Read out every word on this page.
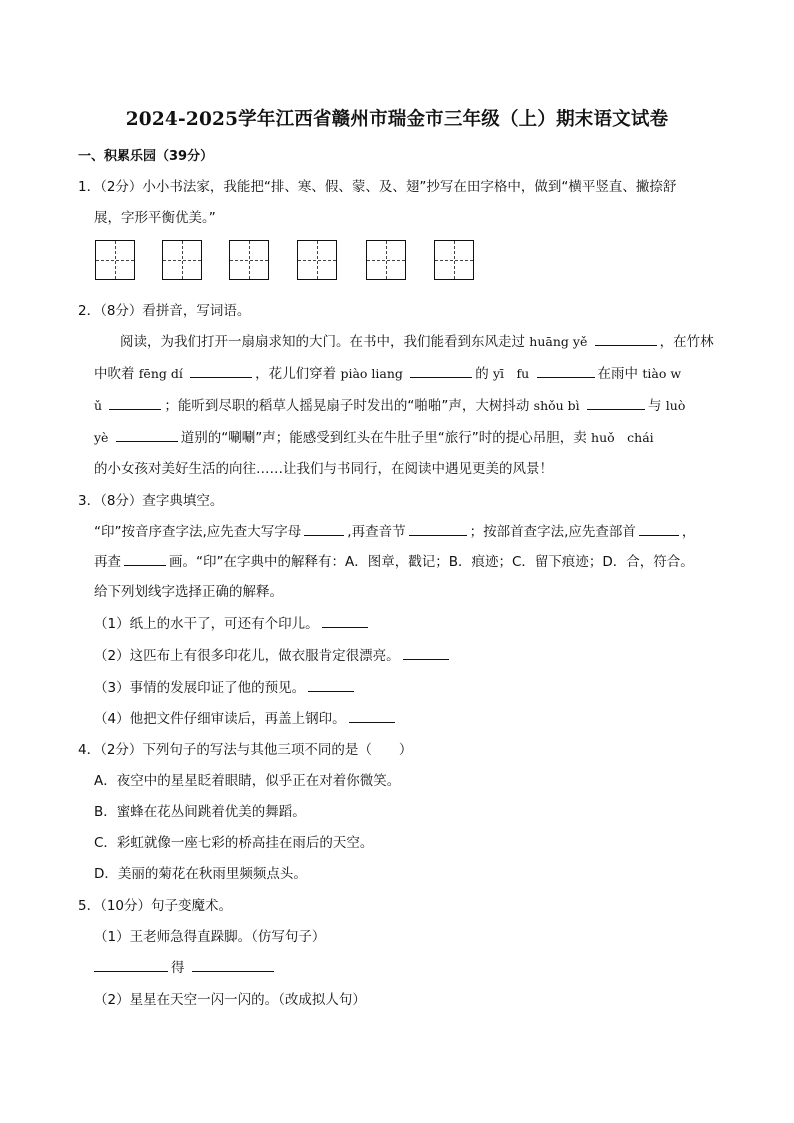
2024-2025学年江西省赣州市瑞金市三年级（上）期末语文试卷
一、积累乐园（39分）
1．（2分）小小书法家，我能把“排、寒、假、蒙、及、翅”抄写在田字格中，做到“横平竖直、撇捺舒
展，字形平衡优美。”
2．（8分）看拼音，写词语。
阅读，为我们打开一扇扇求知的大门。在书中，我们能看到东风走过 huāng yě	，在竹林
中吹着 fēng dí	，花儿们穿着 piào liang	的 yī　fu	在雨中 tiào w
ǔ	；能听到尽职的稻草人摇晃扇子时发出的“啪啪”声，大树抖动 shǒu bì	与 luò
yè	道别的“唰唰”声；能感受到红头在牛肚子里“旅行”时的提心吊胆，卖 huǒ　chái
的小女孩对美好生活的向往……让我们与书同行，在阅读中遇见更美的风景！
3．（8分）查字典填空。
“印”按音序查字法,应先查大写字母	,再查音节	；按部首查字法,应先查部首	，
再查	画。“印”在字典中的解释有：A．图章，戳记；B．痕迹；C．留下痕迹；D．合，符合。
给下列划线字选择正确的解释。
（1）纸上的水干了，可还有个印儿。
（2）这匹布上有很多印花儿，做衣服肯定很漂亮。
（3）事情的发展印证了他的预见。
（4）他把文件仔细审读后，再盖上钢印。
4．（2分）下列句子的写法与其他三项不同的是（　　）
A．夜空中的星星眨着眼睛，似乎正在对着你微笑。
B．蜜蜂在花丛间跳着优美的舞蹈。
C．彩虹就像一座七彩的桥高挂在雨后的天空。
D．美丽的菊花在秋雨里频频点头。
5．（10分）句子变魔术。
（1）王老师急得直跺脚。（仿写句子）
得
（2）星星在天空一闪一闪的。（改成拟人句）
